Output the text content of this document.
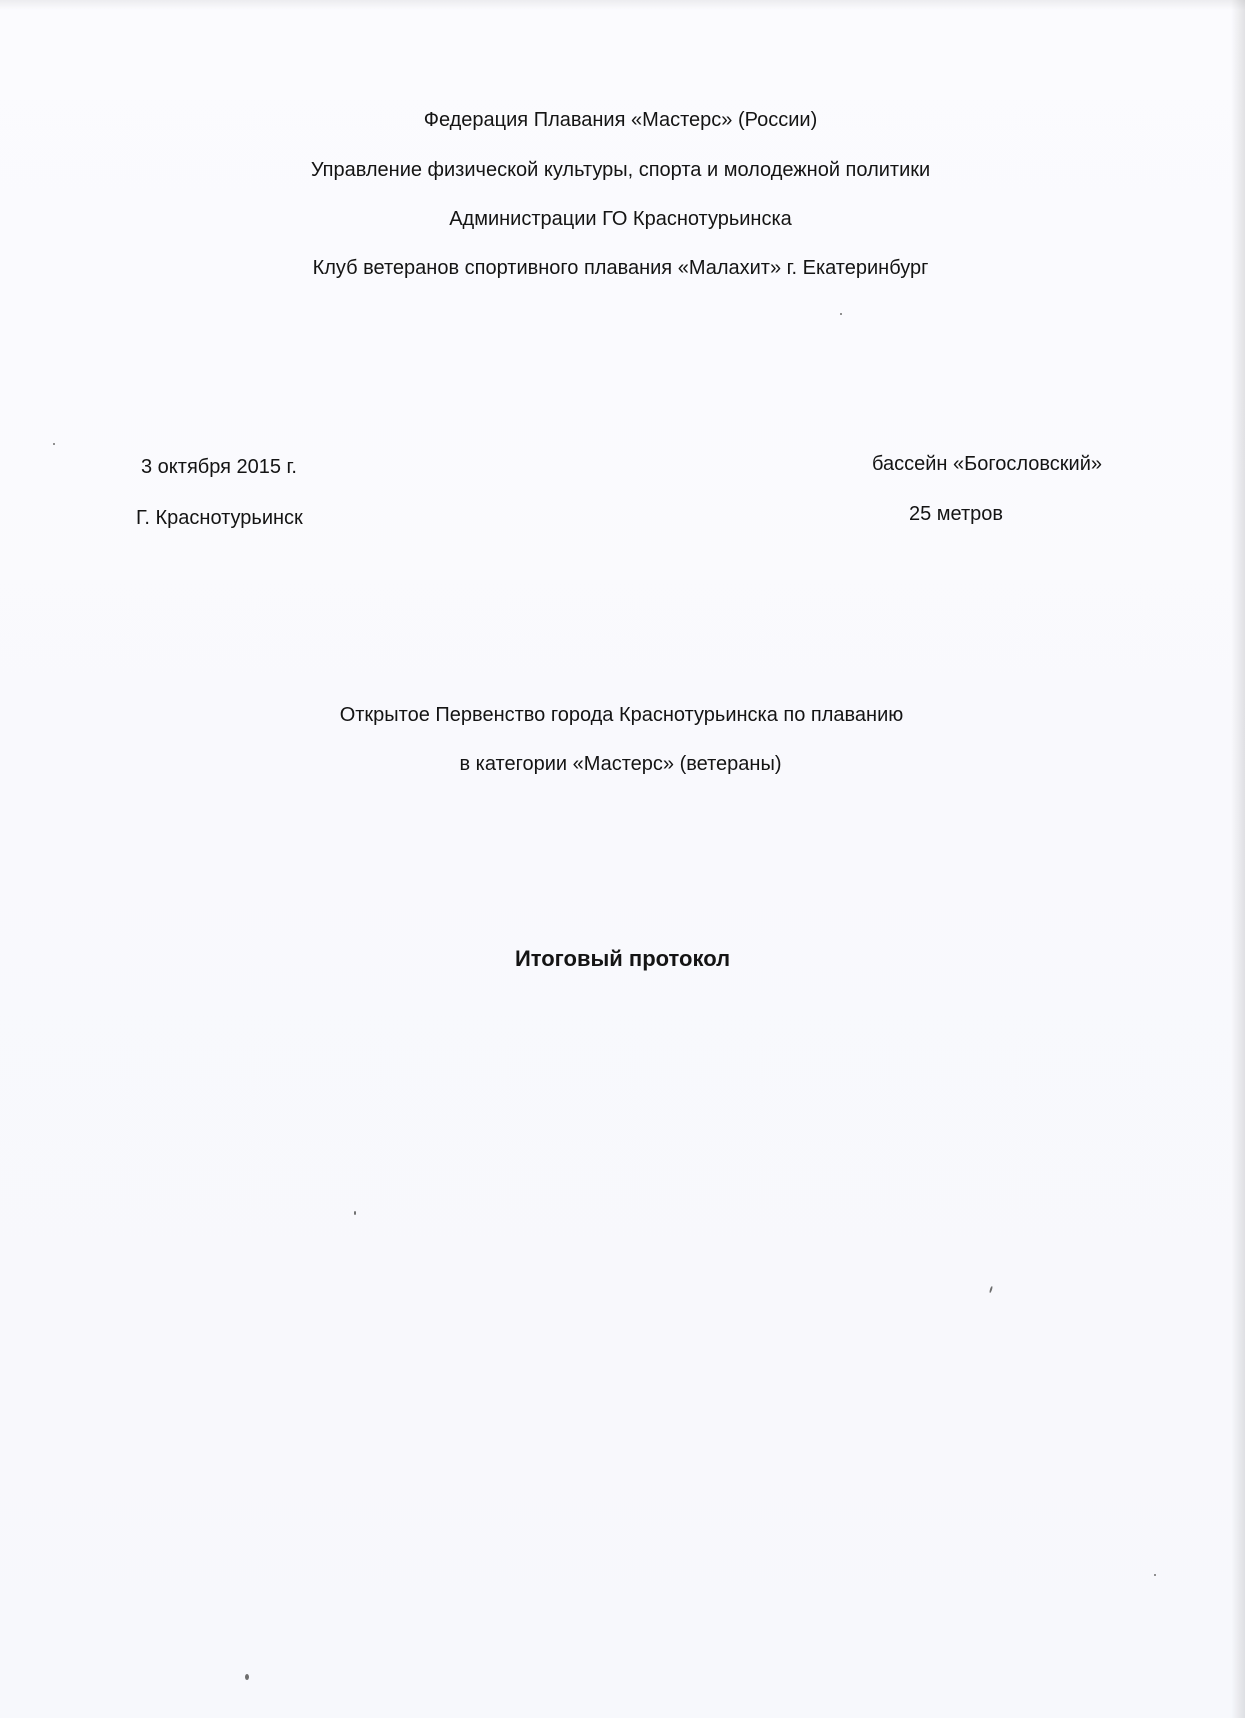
Федерация Плавания «Мастерс» (России)
Управление физической культуры, спорта и молодежной политики
Администрации ГО Краснотурьинска
Клуб ветеранов спортивного плавания «Малахит» г. Екатеринбург
3 октября 2015 г.
Г. Краснотурьинск
бассейн «Богословский»
25 метров
Открытое Первенство города Краснотурьинска по плаванию
в категории «Мастерс» (ветераны)
Итоговый протокол
